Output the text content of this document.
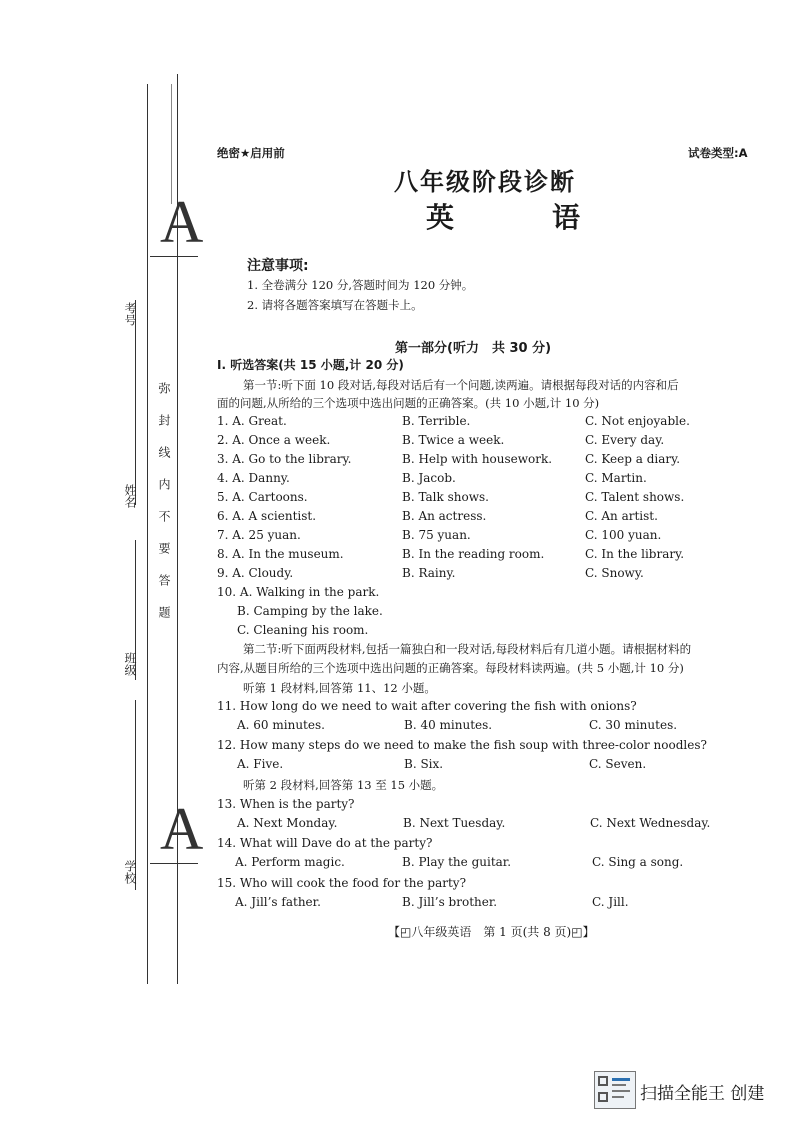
A
A
考号
姓名
班级
学校
弥封线内不要答题
绝密★启用前	试卷类型:A
八年级阶段诊断
英　　语
注意事项:
1. 全卷满分 120 分,答题时间为 120 分钟。
2. 请将各题答案填写在答题卡上。
第一部分(听力　共 30 分)
Ⅰ. 听选答案(共 15 小题,计 20 分)
第一节:听下面 10 段对话,每段对话后有一个问题,读两遍。请根据每段对话的内容和后
面的问题,从所给的三个选项中选出问题的正确答案。(共 10 小题,计 10 分)
1. A. Great.	B. Terrible.	C. Not enjoyable.
2. A. Once a week.	B. Twice a week.	C. Every day.
3. A. Go to the library.	B. Help with housework.	C. Keep a diary.
4. A. Danny.	B. Jacob.	C. Martin.
5. A. Cartoons.	B. Talk shows.	C. Talent shows.
6. A. A scientist.	B. An actress.	C. An artist.
7. A. 25 yuan.	B. 75 yuan.	C. 100 yuan.
8. A. In the museum.	B. In the reading room.	C. In the library.
9. A. Cloudy.	B. Rainy.	C. Snowy.
10. A. Walking in the park.
B. Camping by the lake.
C. Cleaning his room.
第二节:听下面两段材料,包括一篇独白和一段对话,每段材料后有几道小题。请根据材料的
内容,从题目所给的三个选项中选出问题的正确答案。每段材料读两遍。(共 5 小题,计 10 分)
听第 1 段材料,回答第 11、12 小题。
11. How long do we need to wait after covering the fish with onions?
A. 60 minutes.	B. 40 minutes.	C. 30 minutes.
12. How many steps do we need to make the fish soup with three-color noodles?
A. Five.	B. Six.	C. Seven.
听第 2 段材料,回答第 13 至 15 小题。
13. When is the party?
A. Next Monday.	B. Next Tuesday.	C. Next Wednesday.
14. What will Dave do at the party?
A. Perform magic.	B. Play the guitar.	C. Sing a song.
15. Who will cook the food for the party?
A. Jill’s father.	B. Jill’s brother.	C. Jill.
【◰八年级英语　第 1 页(共 8 页)◰】
扫描全能王 创建
